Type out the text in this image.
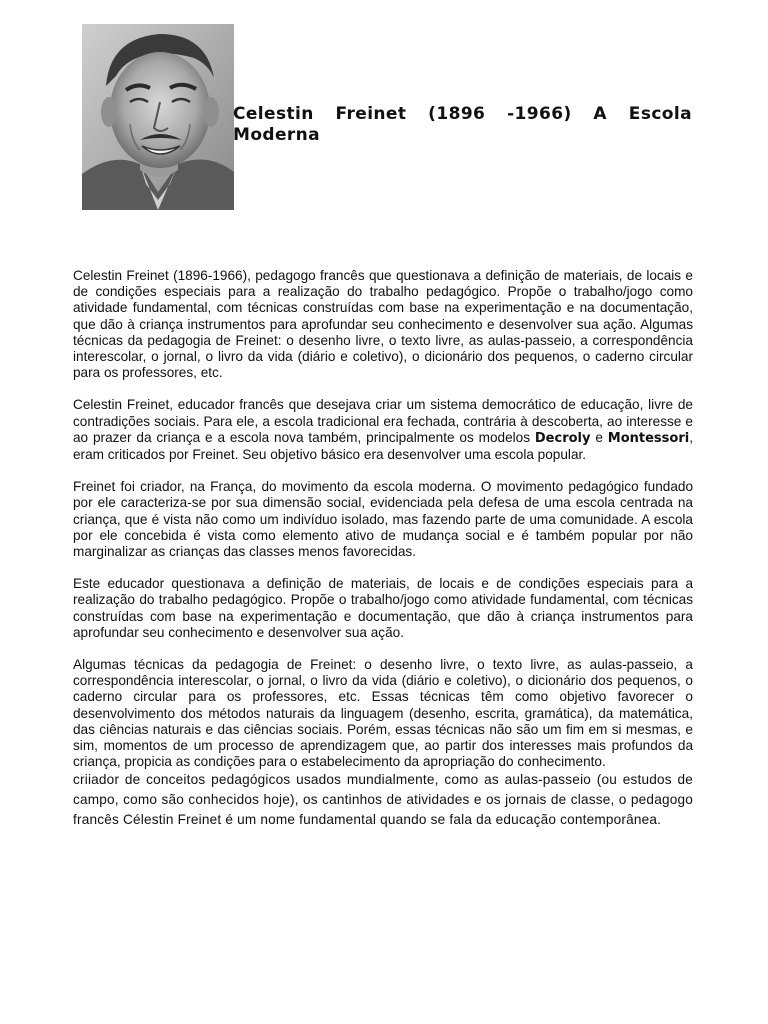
Celestin Freinet (1896 -1966) A Escola Moderna

Celestin Freinet (1896-1966), pedagogo francês que questionava a definição de materiais, de locais e de condições especiais para a realização do trabalho pedagógico. Propõe o trabalho/jogo como atividade fundamental, com técnicas construídas com base na experimentação e na documentação, que dão à criança instrumentos para aprofundar seu conhecimento e desenvolver sua ação. Algumas técnicas da pedagogia de Freinet: o desenho livre, o texto livre, as aulas-passeio, a correspondência interescolar, o jornal, o livro da vida (diário e coletivo), o dicionário dos pequenos, o caderno circular para os professores, etc.

Celestin Freinet, educador francês que desejava criar um sistema democrático de educação, livre de contradições sociais. Para ele, a escola tradicional era fechada, contrária à descoberta, ao interesse e ao prazer da criança e a escola nova também, principalmente os modelos Decroly e Montessori, eram criticados por Freinet. Seu objetivo básico era desenvolver uma escola popular.

Freinet foi criador, na França, do movimento da escola moderna. O movimento pedagógico fundado por ele caracteriza-se por sua dimensão social, evidenciada pela defesa de uma escola centrada na criança, que é vista não como um indivíduo isolado, mas fazendo parte de uma comunidade. A escola por ele concebida é vista como elemento ativo de mudança social e é também popular por não marginalizar as crianças das classes menos favorecidas.

Este educador questionava a definição de materiais, de locais e de condições especiais para a realização do trabalho pedagógico. Propõe o trabalho/jogo como atividade fundamental, com técnicas construídas com base na experimentação e documentação, que dão à criança instrumentos para aprofundar seu conhecimento e desenvolver sua ação.

Algumas técnicas da pedagogia de Freinet: o desenho livre, o texto livre, as aulas-passeio, a correspondência interescolar, o jornal, o livro da vida (diário e coletivo), o dicionário dos pequenos, o caderno circular para os professores, etc. Essas técnicas têm como objetivo favorecer o desenvolvimento dos métodos naturais da linguagem (desenho, escrita, gramática), da matemática, das ciências naturais e das ciências sociais. Porém, essas técnicas não são um fim em si mesmas, e sim, momentos de um processo de aprendizagem que, ao partir dos interesses mais profundos da criança, propicia as condições para o estabelecimento da apropriação do conhecimento.

criiador de conceitos pedagógicos usados mundialmente, como as aulas-passeio (ou estudos de campo, como são conhecidos hoje), os cantinhos de atividades e os jornais de classe, o pedagogo francês Célestin Freinet é um nome fundamental quando se fala da educação contemporânea.
